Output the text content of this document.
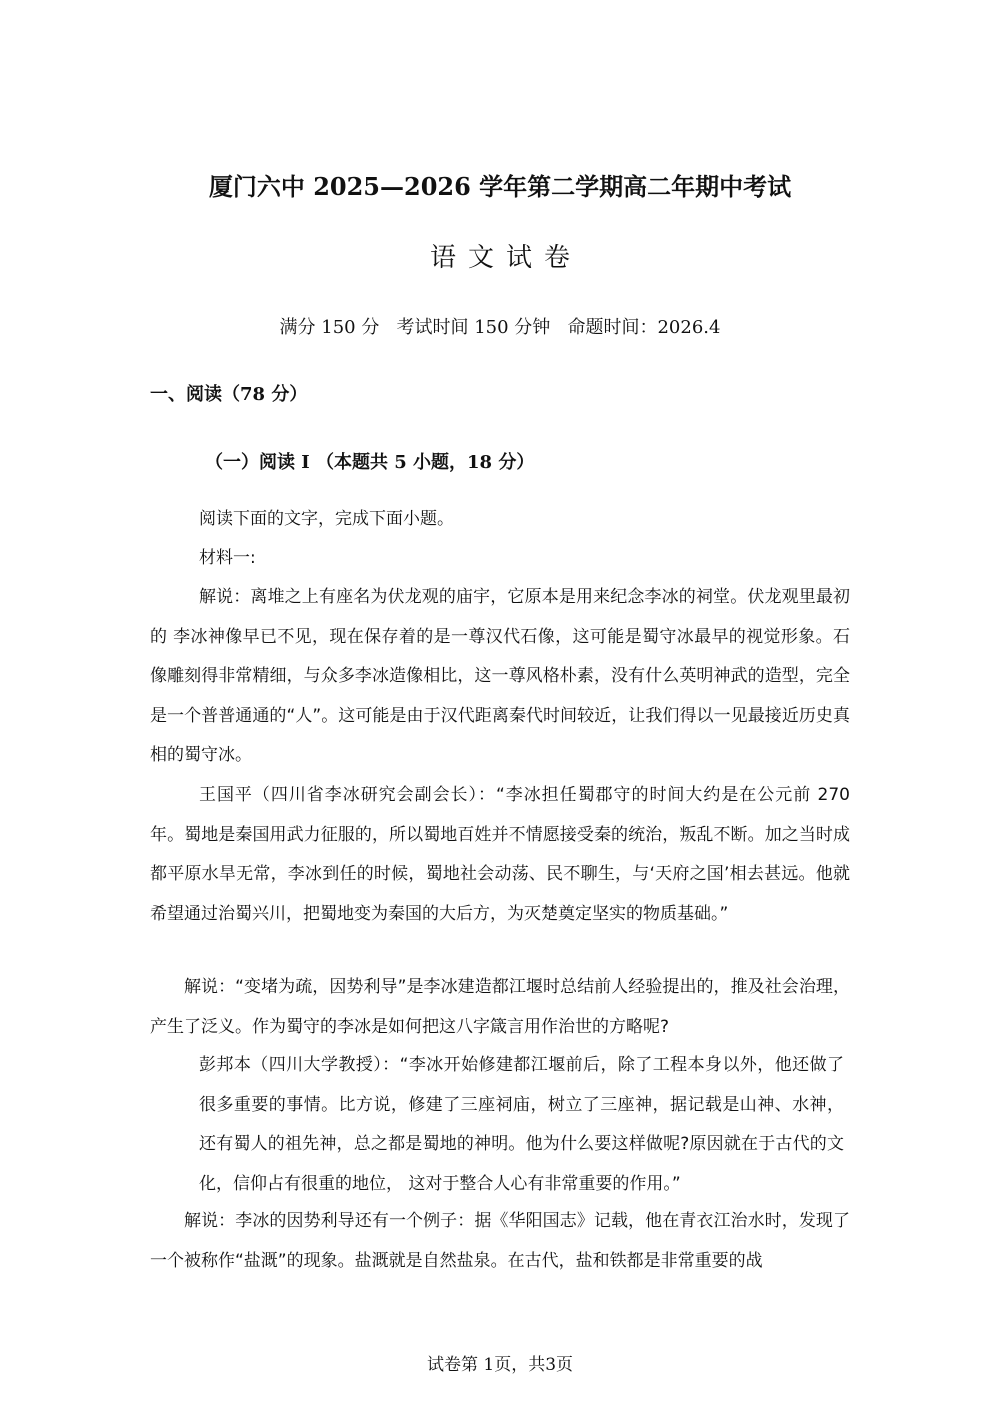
厦门六中 2025—2026 学年第二学期高二年期中考试
语文试卷
满分 150 分   考试时间 150 分钟   命题时间：2026.4
一、阅读（78 分）
（一）阅读 I （本题共 5 小题，18 分）
阅读下面的文字，完成下面小题。
材料一:

解说：离堆之上有座名为伏龙观的庙宇，它原本是用来纪念李冰的祠堂。伏龙观里最初的 李冰神像早已不见，现在保存着的是一尊汉代石像，这可能是蜀守冰最早的视觉形象。石像雕刻得非常精细，与众多李冰造像相比，这一尊风格朴素，没有什么英明神武的造型，完全是一个普普通通的“人”。这可能是由于汉代距离秦代时间较近，让我们得以一见最接近历史真相的蜀守冰。

王国平（四川省李冰研究会副会长）：“李冰担任蜀郡守的时间大约是在公元前 270 年。蜀地是秦国用武力征服的，所以蜀地百姓并不情愿接受秦的统治，叛乱不断。加之当时成都平原水旱无常，李冰到任的时候，蜀地社会动荡、民不聊生，与‘天府之国’相去甚远。他就希望通过治蜀兴川，把蜀地变为秦国的大后方，为灭楚奠定坚实的物质基础。”

解说：“变堵为疏，因势利导”是李冰建造都江堰时总结前人经验提出的，推及社会治理，产生了泛义。作为蜀守的李冰是如何把这八字箴言用作治世的方略呢?

彭邦本（四川大学教授）：“李冰开始修建都江堰前后，除了工程本身以外，他还做了很多重要的事情。比方说，修建了三座祠庙，树立了三座神，据记载是山神、水神，还有蜀人的祖先神，总之都是蜀地的神明。他为什么要这样做呢?原因就在于古代的文化，信仰占有很重的地位， 这对于整合人心有非常重要的作用。”

解说：李冰的因势利导还有一个例子：据《华阳国志》记载，他在青衣江治水时，发现了一个被称作“盐溉”的现象。盐溉就是自然盐泉。在古代，盐和铁都是非常重要的战

试卷第 1页，共3页
